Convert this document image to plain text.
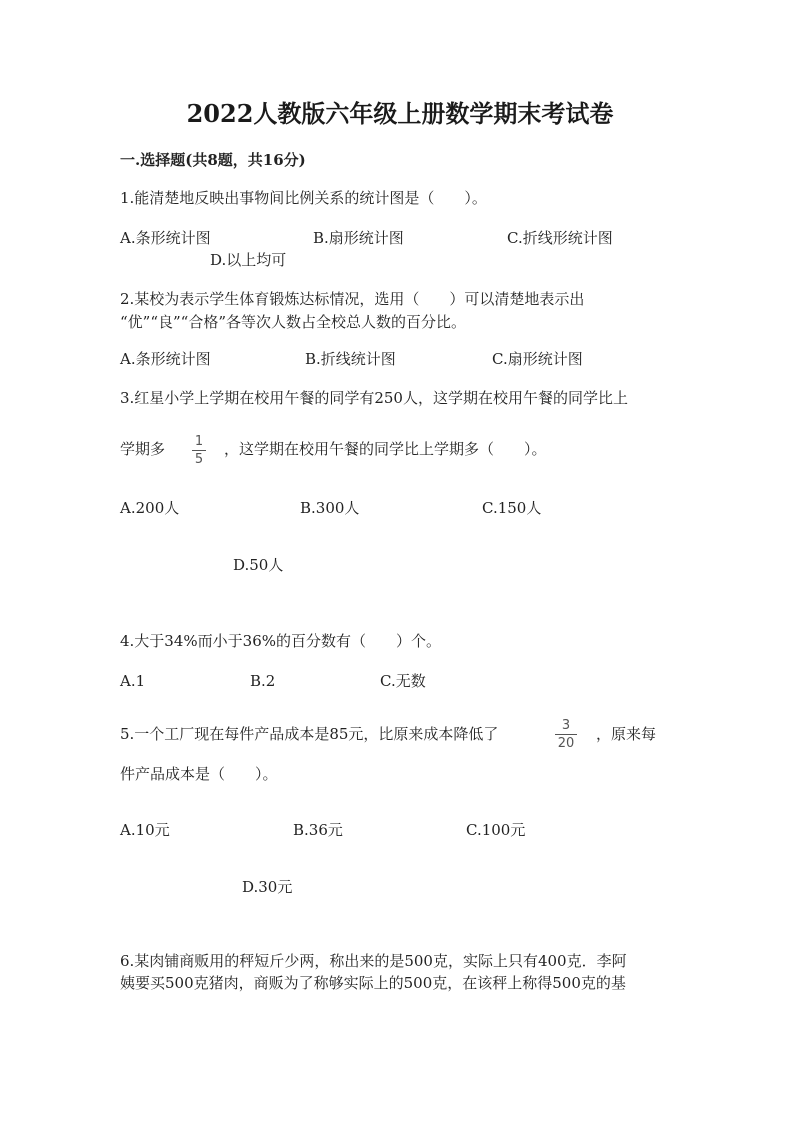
2022人教版六年级上册数学期末考试卷
一.选择题(共8题，共16分)
1.能清楚地反映出事物间比例关系的统计图是（　　）。
A.条形统计图	B.扇形统计图	C.折线形统计图
D.以上均可
2.某校为表示学生体育锻炼达标情况，选用（　　）可以清楚地表示出
“优”“良”“合格”各等次人数占全校总人数的百分比。
A.条形统计图	B.折线统计图	C.扇形统计图
3.红星小学上学期在校用午餐的同学有250人，这学期在校用午餐的同学比上
学期多 1
5
，这学期在校用午餐的同学比上学期多（　　）。
A.200人	B.300人	C.150人
D.50人
4.大于34%而小于36%的百分数有（　　）个。
A.1	B.2	C.无数
5.一个工厂现在每件产品成本是85元，比原来成本降低了	3
20
，原来每
件产品成本是（　　）。
A.10元	B.36元	C.100元
D.30元
6.某肉铺商贩用的秤短斤少两，称出来的是500克，实际上只有400克．李阿
姨要买500克猪肉，商贩为了称够实际上的500克，在该秤上称得500克的基
